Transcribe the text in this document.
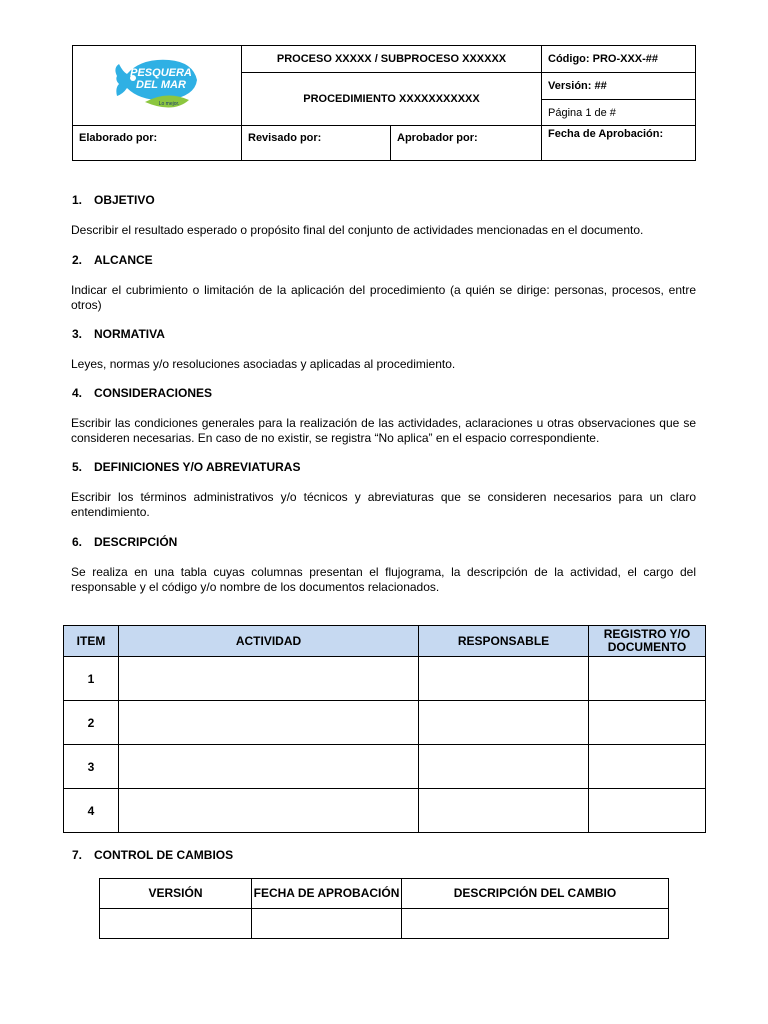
PESQUERA
DEL MAR
Lo mejor.	PROCESO XXXXX / SUBPROCESO XXXXXX		Código: PRO-XXX-##
	PROCEDIMIENTO XXXXXXXXXXX		Versión: ##
			Página 1 de #
Elaborado por:	Revisado por:	Aprobador por:	Fecha de Aprobación:
1. OBJETIVO
Describir el resultado esperado o propósito final del conjunto de actividades mencionadas en el documento.
2. ALCANCE
Indicar el cubrimiento o limitación de la aplicación del procedimiento (a quién se dirige: personas, procesos, entre otros)
3. NORMATIVA
Leyes, normas y/o resoluciones asociadas y aplicadas al procedimiento.
4. CONSIDERACIONES
Escribir las condiciones generales para la realización de las actividades, aclaraciones u otras observaciones que se consideren necesarias. En caso de no existir, se registra “No aplica” en el espacio correspondiente.
5. DEFINICIONES Y/O ABREVIATURAS
Escribir los términos administrativos y/o técnicos y abreviaturas que se consideren necesarios para un claro entendimiento.
6. DESCRIPCIÓN
Se realiza en una tabla cuyas columnas presentan el flujograma, la descripción de la actividad, el cargo del responsable y el código y/o nombre de los documentos relacionados.
ITEM	ACTIVIDAD	RESPONSABLE	REGISTRO Y/O DOCUMENTO
1			
2			
3			
4			
7. CONTROL DE CAMBIOS
VERSIÓN	FECHA DE APROBACIÓN	DESCRIPCIÓN DEL CAMBIO
